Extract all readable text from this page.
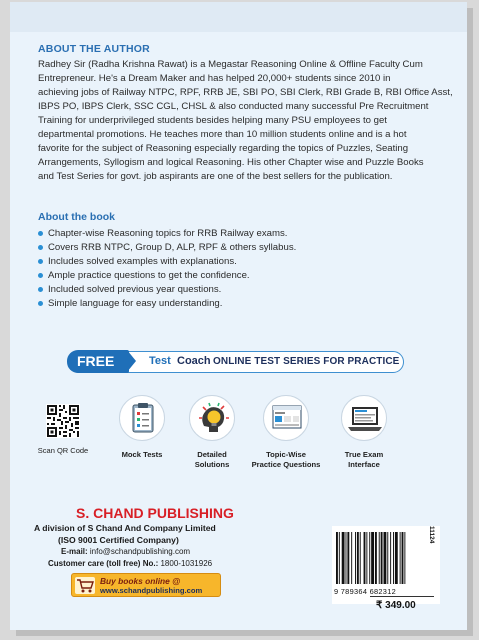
ABOUT THE AUTHOR
Radhey Sir (Radha Krishna Rawat) is a Megastar Reasoning Online & Offline Faculty Cum
Entrepreneur. He's a Dream Maker and has helped 20,000+ students since 2010 in
achieving jobs of Railway NTPC, RPF, RRB JE, SBI PO, SBI Clerk, RBI Grade B, RBI Office Asst,
IBPS PO, IBPS Clerk, SSC CGL, CHSL & also conducted many successful Pre Recruitment
Training for underprivileged students besides helping many PSU employees to get
departmental promotions. He teaches more than 10 million students online and is a hot
favorite for the subject of Reasoning especially regarding the topics of Puzzles, Seating
Arrangements, Syllogism and logical Reasoning. His other Chapter wise and Puzzle Books
and Test Series for govt. job aspirants are one of the best sellers for the publication.
About the book
Chapter-wise Reasoning topics for RRB Railway exams.
Covers RRB NTPC, Group D, ALP, RPF & others syllabus.
Includes solved examples with explanations.
Ample practice questions to get the confidence.
Included solved previous year questions.
Simple language for easy understanding.
FREE	Test Coach ONLINE TEST SERIES FOR PRACTICE
Scan QR Code	Mock Tests	Detailed
Solutions
Topic-Wise
Practice Questions
True Exam
Interface
S. CHAND PUBLISHING
A division of S Chand And Company Limited
(ISO 9001 Certified Company)
E-mail: info@schandpublishing.com
Customer care (toll free) No.: 1800-1031926
Buy books online @
www.schandpublishing.com
11124
9 789364 682312
₹ 349.00
